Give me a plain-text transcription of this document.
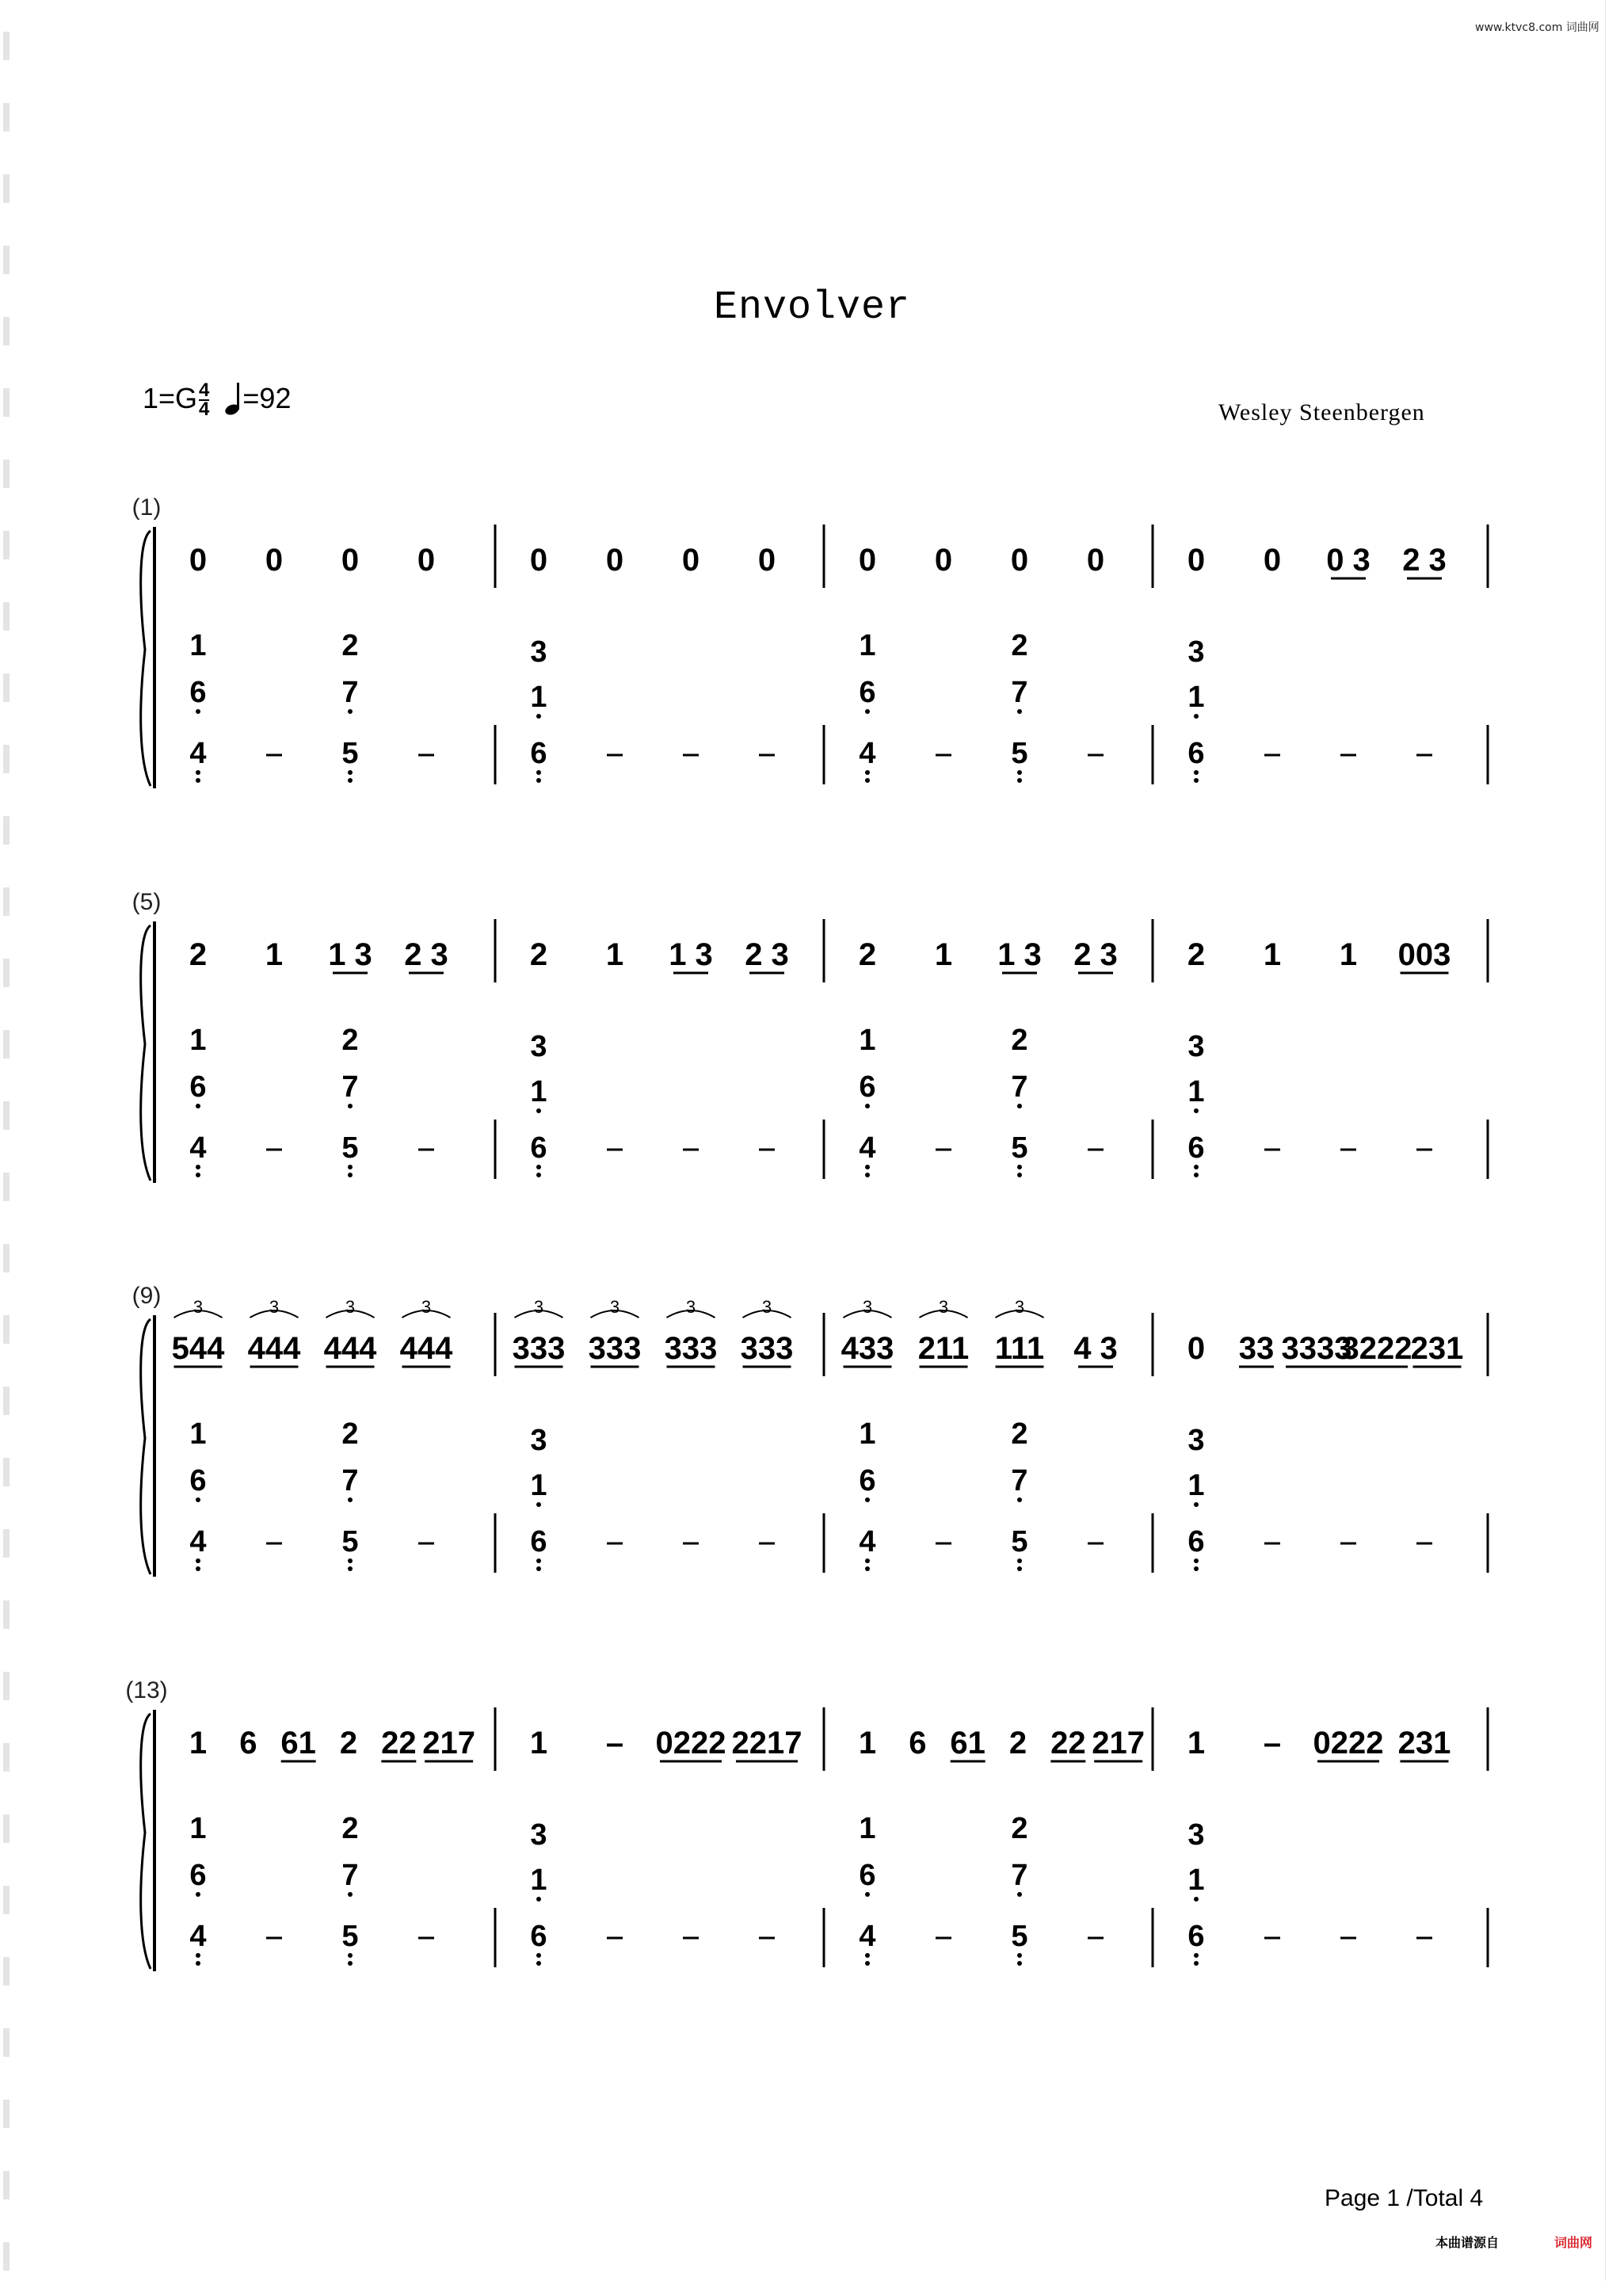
www.ktvc8.com 词曲网
Envolver
$1=G \frac{4}{4} =92$	Wesley Steenbergen
(1)
0 0 0 0	0 0 0 0	0 0 0 0	0 0 0 3 2 3
1
6
4	–
2
7
5	–
3
1
6	–	–	–
1
6
4	–
2
7
5	–
3
1
6	–	–	–
(5)
2 1 1 3 2 3	2 1 1 3 2 3 2 1 1 3 2 3 2 1 1 003
1
6
4	–
2
7
5	–
3
1
6	–	–	–
1
6
4	–
2
7
5	–
3
1
6	–	–	–
(9)
544
3
444
3
444
3
444
3
333
3
333
3
333
3
333
3
433
3
211
3
111
3
4 3 0 33 3333
3222
231
1
6
4	–
2
7
5	–
3
1
6	–	–	–
1
6
4	–
2
7
5	–
3
1
6	–	–	–
(13)
1 6 61 2 22 217 1 – 0222 2217 1 6 61 2 22 217 1 – 0222 231
1
6
4	–
2
7
5	–
3
1
6	–	–	–
1
6
4	–
2
7
5	–
3
1
6	–	–	–
Page 1 /Total 4
本曲谱源自	词曲网
